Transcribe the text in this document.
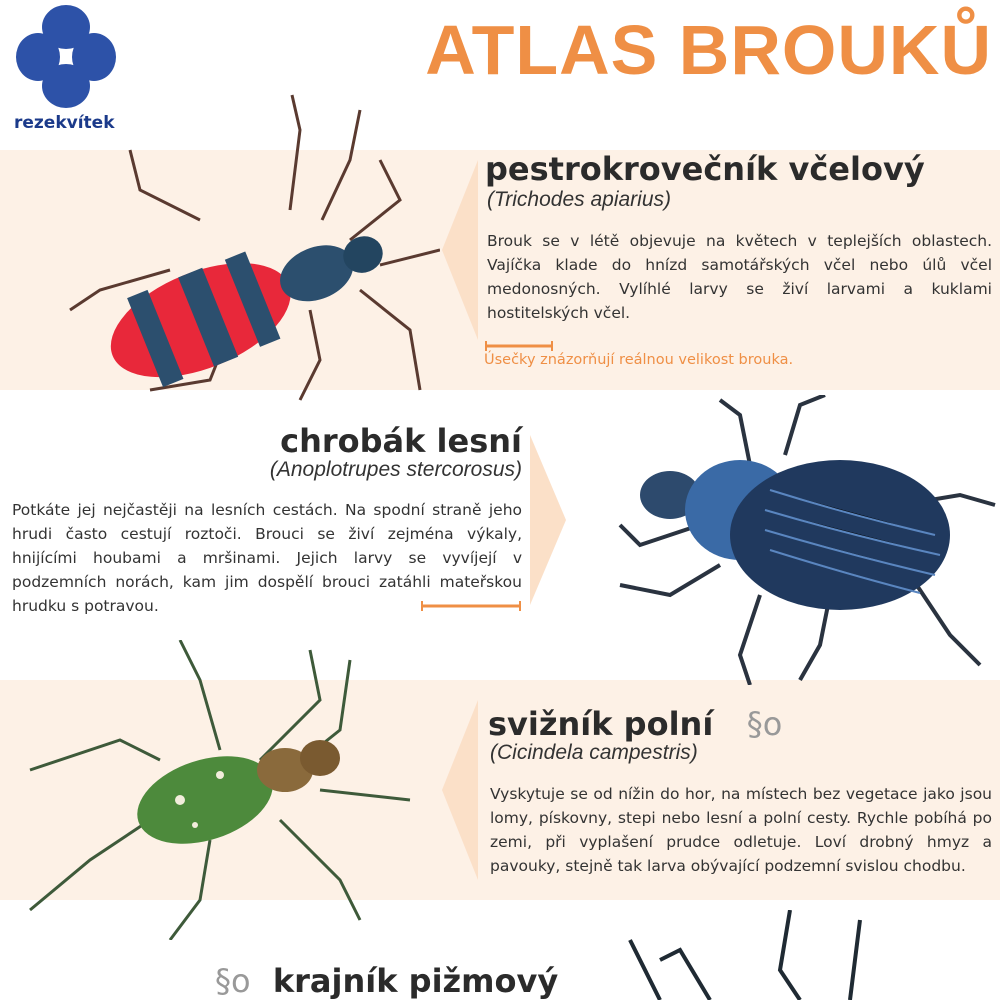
rezekvítek
ATLAS BROUKŮ
pestrokrovečník včelový
(Trichodes apiarius)
Brouk se v létě objevuje na květech v teplejších oblastech. Vajíčka klade do hnízd samotářských včel nebo úlů včel medonosných. Vylíhlé larvy se živí larvami a kuklami hostitelských včel.
Úsečky znázorňují reálnou velikost brouka.
chrobák lesní
(Anoplotrupes stercorosus)
Potkáte jej nejčastěji na lesních cestách. Na spodní straně jeho hrudi často cestují roztoči. Brouci se živí zejména výkaly, hnijícími houbami a mršinami. Jejich larvy se vyvíjejí v podzemních norách, kam jim dospělí brouci zatáhli mateřskou hrudku s potravou.
svižník polní §o
(Cicindela campestris)
Vyskytuje se od nížin do hor, na místech bez vegetace jako jsou lomy, pískovny, stepi nebo lesní a polní cesty. Rychle pobíhá po zemi, při vyplašení prudce odletuje. Loví drobný hmyz a pavouky, stejně tak larva obývající podzemní svislou chodbu.
§o krajník pižmový
